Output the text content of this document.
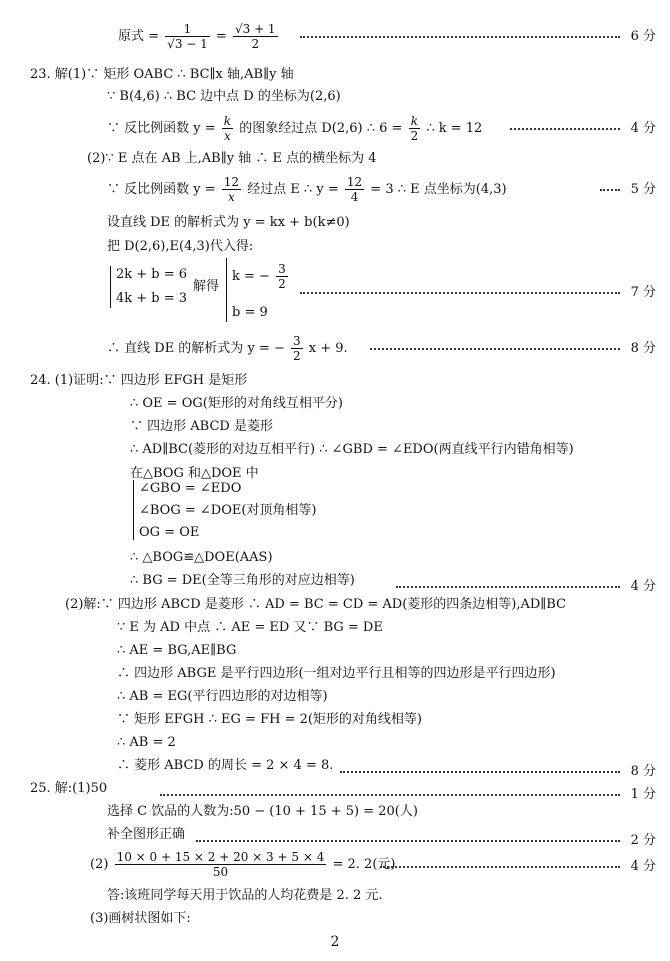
原式 = $\frac{1}{√3 - 1} = \frac{√3 + 1}{2}$	6 分
23. 解(1)∵ 矩形 OABC ∴ BC∥x 轴,AB∥y 轴
∵ B(4,6) ∴ BC 边中点 D 的坐标为(2,6)
∵ 反比例函数 $y = \frac{k}{x}$ 的图象经过点 D(2,6) ∴ $6 = \frac{k}{2}$ ∴ k = 12	4 分
(2)∵ E 点在 AB 上,AB∥y 轴 ∴ E 点的横坐标为 4
∵ 反比例函数 $y = \frac{12}{x}$ 经过点 E ∴ $y = \frac{12}{4} = 3$ ∴ E 点坐标为(4,3)	5 分
设直线 DE 的解析式为 y = kx + b(k≠0)
把 D(2,6),E(4,3)代入得:
2k + b = 6
4k + b = 3
解得
k = − $\frac{3}{2}$
b = 9
7 分
∴ 直线 DE 的解析式为 y = − $\frac{3}{2}$ x + 9.	8 分
24. (1)证明:∵ 四边形 EFGH 是矩形
∴ OE = OG(矩形的对角线互相平分)
∵ 四边形 ABCD 是菱形
∴ AD∥BC(菱形的对边互相平行) ∴ ∠GBD = ∠EDO(两直线平行内错角相等)
在△BOG 和△DOE 中
∠GBO = ∠EDO
∠BOG = ∠DOE(对顶角相等)
OG = OE
∴ △BOG≌△DOE(AAS)
∴ BG = DE(全等三角形的对应边相等)	4 分
(2)解:∵ 四边形 ABCD 是菱形 ∴ AD = BC = CD = AD(菱形的四条边相等),AD∥BC
∵ E 为 AD 中点 ∴ AE = ED 又∵ BG = DE
∴ AE = BG,AE∥BG
∴ 四边形 ABGE 是平行四边形(一组对边平行且相等的四边形是平行四边形)
∴ AB = EG(平行四边形的对边相等)
∵ 矩形 EFGH ∴ EG = FH = 2(矩形的对角线相等)
∴ AB = 2
∴ 菱形 ABCD 的周长 = 2 × 4 = 8.	8 分
25. 解:(1)50	1 分
选择 C 饮品的人数为:50 − (10 + 15 + 5) = 20(人)
补全图形正确	2 分
$(2) \frac{10 \times 0 + 15 \times 2 + 20 \times 3 + 5 \times 4}{50} = 2$. 2(元)	4 分
答:该班同学每天用于饮品的人均花费是 2. 2 元.
(3)画树状图如下:
2
